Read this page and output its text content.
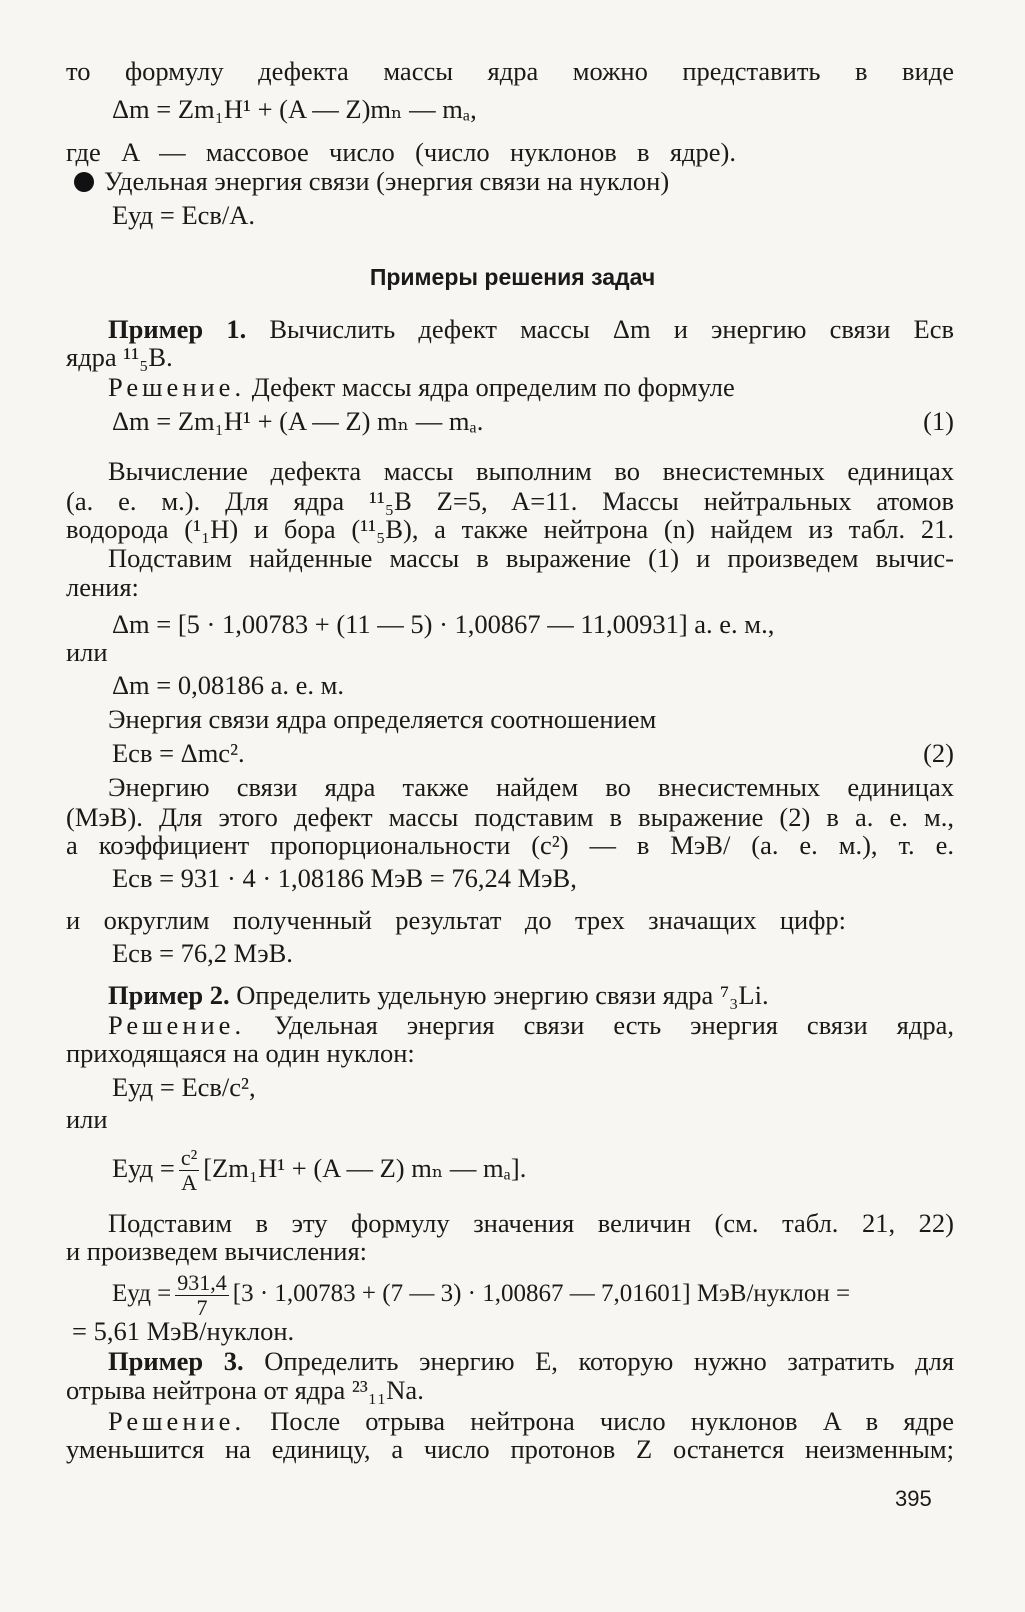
то формулу дефекта массы ядра можно представить в виде
Δm = Zm₁H¹ + (A — Z)mₙ — mₐ,
где A — массовое число (число нуклонов в ядре).
Удельная энергия связи (энергия связи на нуклон)
Eуд = Eсв/A.
Примеры решения задач
Пример 1. Вычислить дефект массы Δm и энергию связи Eсв
ядра ¹¹₅B.
Решение. Дефект массы ядра определим по формуле
Δm = Zm₁H¹ + (A — Z) mₙ — mₐ.	(1)
Вычисление дефекта массы выполним во внесистемных единицах
(а. е. м.). Для ядра ¹¹₅B Z=5, A=11. Массы нейтральных атомов
водорода (¹₁H) и бора (¹¹₅B), а также нейтрона (n) найдем из табл. 21.
Подставим найденные массы в выражение (1) и произведем вычис-
ления:
Δm = [5 · 1,00783 + (11 — 5) · 1,00867 — 11,00931] а. е. м.,
или
Δm = 0,08186 а. е. м.
Энергия связи ядра определяется соотношением
Eсв = Δmc².	(2)
Энергию связи ядра также найдем во внесистемных единицах
(МэВ). Для этого дефект массы подставим в выражение (2) в а. е. м.,
а коэффициент пропорциональности (c²) — в МэВ/ (а. е. м.), т. е.
Eсв = 931 · 4 · 1,08186 МэВ = 76,24 МэВ,
и округлим полученный результат до трех значащих цифр:
Eсв = 76,2 МэВ.
Пример 2. Определить удельную энергию связи ядра ⁷₃Li.
Решение. Удельная энергия связи есть энергия связи ядра,
приходящаяся на один нуклон:
Eуд = Eсв/c²,
или
Eуд = $\frac{\text{c²}}{A} [Zm_1H^1 + (A$ — Z) mₙ — mₐ].
Подставим в эту формулу значения величин (см. табл. 21, 22)
и произведем вычисления:
Eуд = $\frac{931,4}{7} [3 \cdot 1,00783 + (7$ — 3) · 1,00867 — 7,01601] МэВ/нуклон =
= 5,61 МэВ/нуклон.
Пример 3. Определить энергию E, которую нужно затратить для
отрыва нейтрона от ядра ²³₁₁Na.
Решение. После отрыва нейтрона число нуклонов A в ядре
уменьшится на единицу, а число протонов Z останется неизменным;
395
